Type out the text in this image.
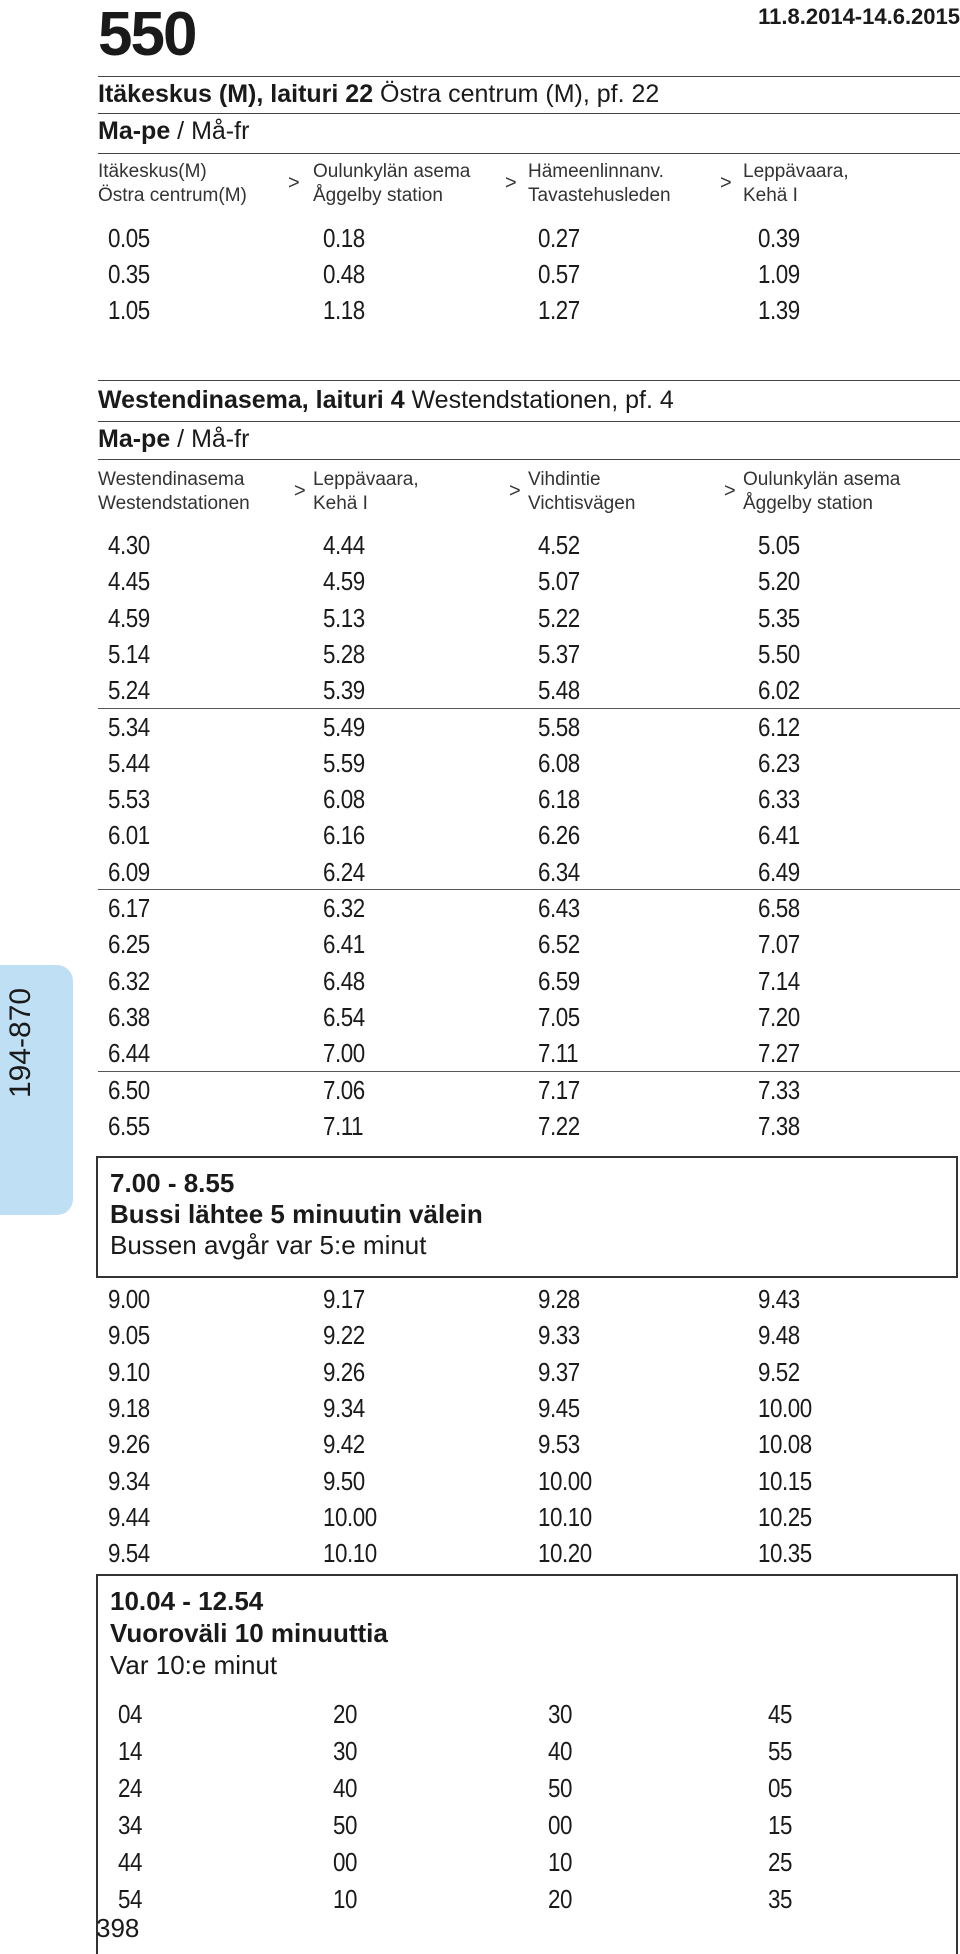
550	11.8.2014-14.6.2015
Itäkeskus (M), laituri 22 Östra centrum (M), pf. 22
Ma-pe / Må-fr
Itäkeskus(M)
Östra centrum(M)
>
Oulunkylän asema
Åggelby station
>
Hämeenlinnanv.
Tavastehusleden
>
Leppävaara,
Kehä I
0.05	0.18	0.27	0.39
0.35	0.48	0.57	1.09
1.05	1.18	1.27	1.39
Westendinasema, laituri 4 Westendstationen, pf. 4
Ma-pe / Må-fr
Westendinasema
Westendstationen
>
Leppävaara,
Kehä I
>
Vihdintie
Vichtisvägen
>
Oulunkylän asema
Åggelby station
4.30	4.44	4.52	5.05
4.45	4.59	5.07	5.20
4.59	5.13	5.22	5.35
5.14	5.28	5.37	5.50
5.24	5.39	5.48	6.02
5.34	5.49	5.58	6.12
5.44	5.59	6.08	6.23
5.53	6.08	6.18	6.33
6.01	6.16	6.26	6.41
6.09	6.24	6.34	6.49
6.17	6.32	6.43	6.58
6.25	6.41	6.52	7.07
6.32	6.48	6.59	7.14
6.38	6.54	7.05	7.20
6.44	7.00	7.11	7.27
6.50	7.06	7.17	7.33
6.55	7.11	7.22	7.38
194-870
7.00 - 8.55
Bussi lähtee 5 minuutin välein
Bussen avgår var 5:e minut
9.00	9.17	9.28	9.43
9.05	9.22	9.33	9.48
9.10	9.26	9.37	9.52
9.18	9.34	9.45	10.00
9.26	9.42	9.53	10.08
9.34	9.50	10.00	10.15
9.44	10.00	10.10	10.25
9.54	10.10	10.20	10.35
10.04 - 12.54
Vuoroväli 10 minuuttia
Var 10:e minut
04	20	30	45
14	30	40	55
24	40	50	05
34	50	00	15
44	00	10	25
54	10	20	35
398
